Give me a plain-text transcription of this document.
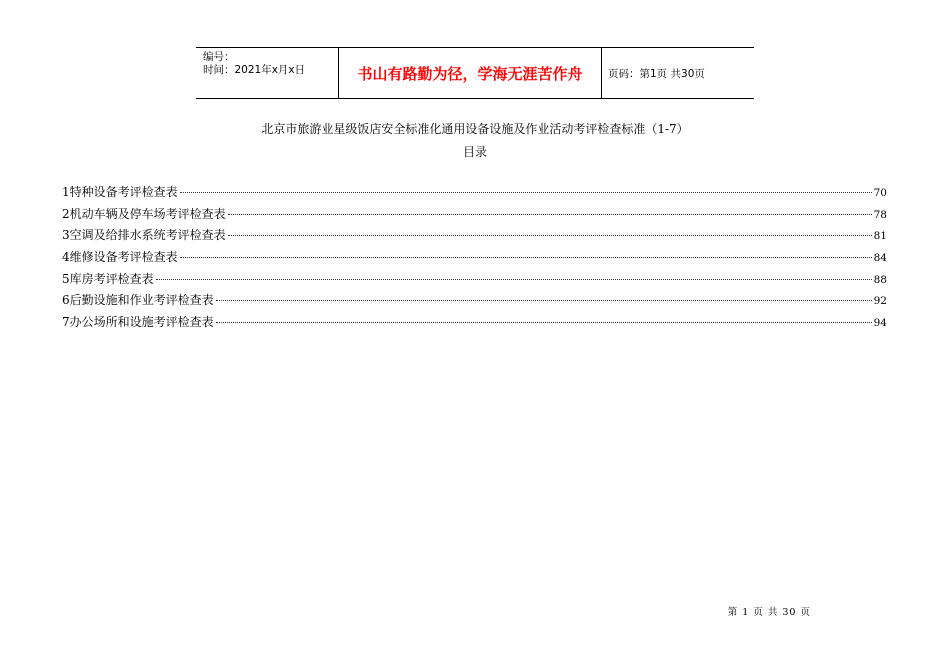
编号：
时间：2021年x月x日	书山有路勤为径，学海无涯苦作舟	页码：第1页 共30页
北京市旅游业星级饭店安全标准化通用设备设施及作业活动考评检查标准（1-7）
目录
1特种设备考评检查表	70
2机动车辆及停车场考评检查表	78
3空调及给排水系统考评检查表	81
4维修设备考评检查表	84
5库房考评检查表	88
6后勤设施和作业考评检查表	92
7办公场所和设施考评检查表	94
第 1 页 共 30 页
